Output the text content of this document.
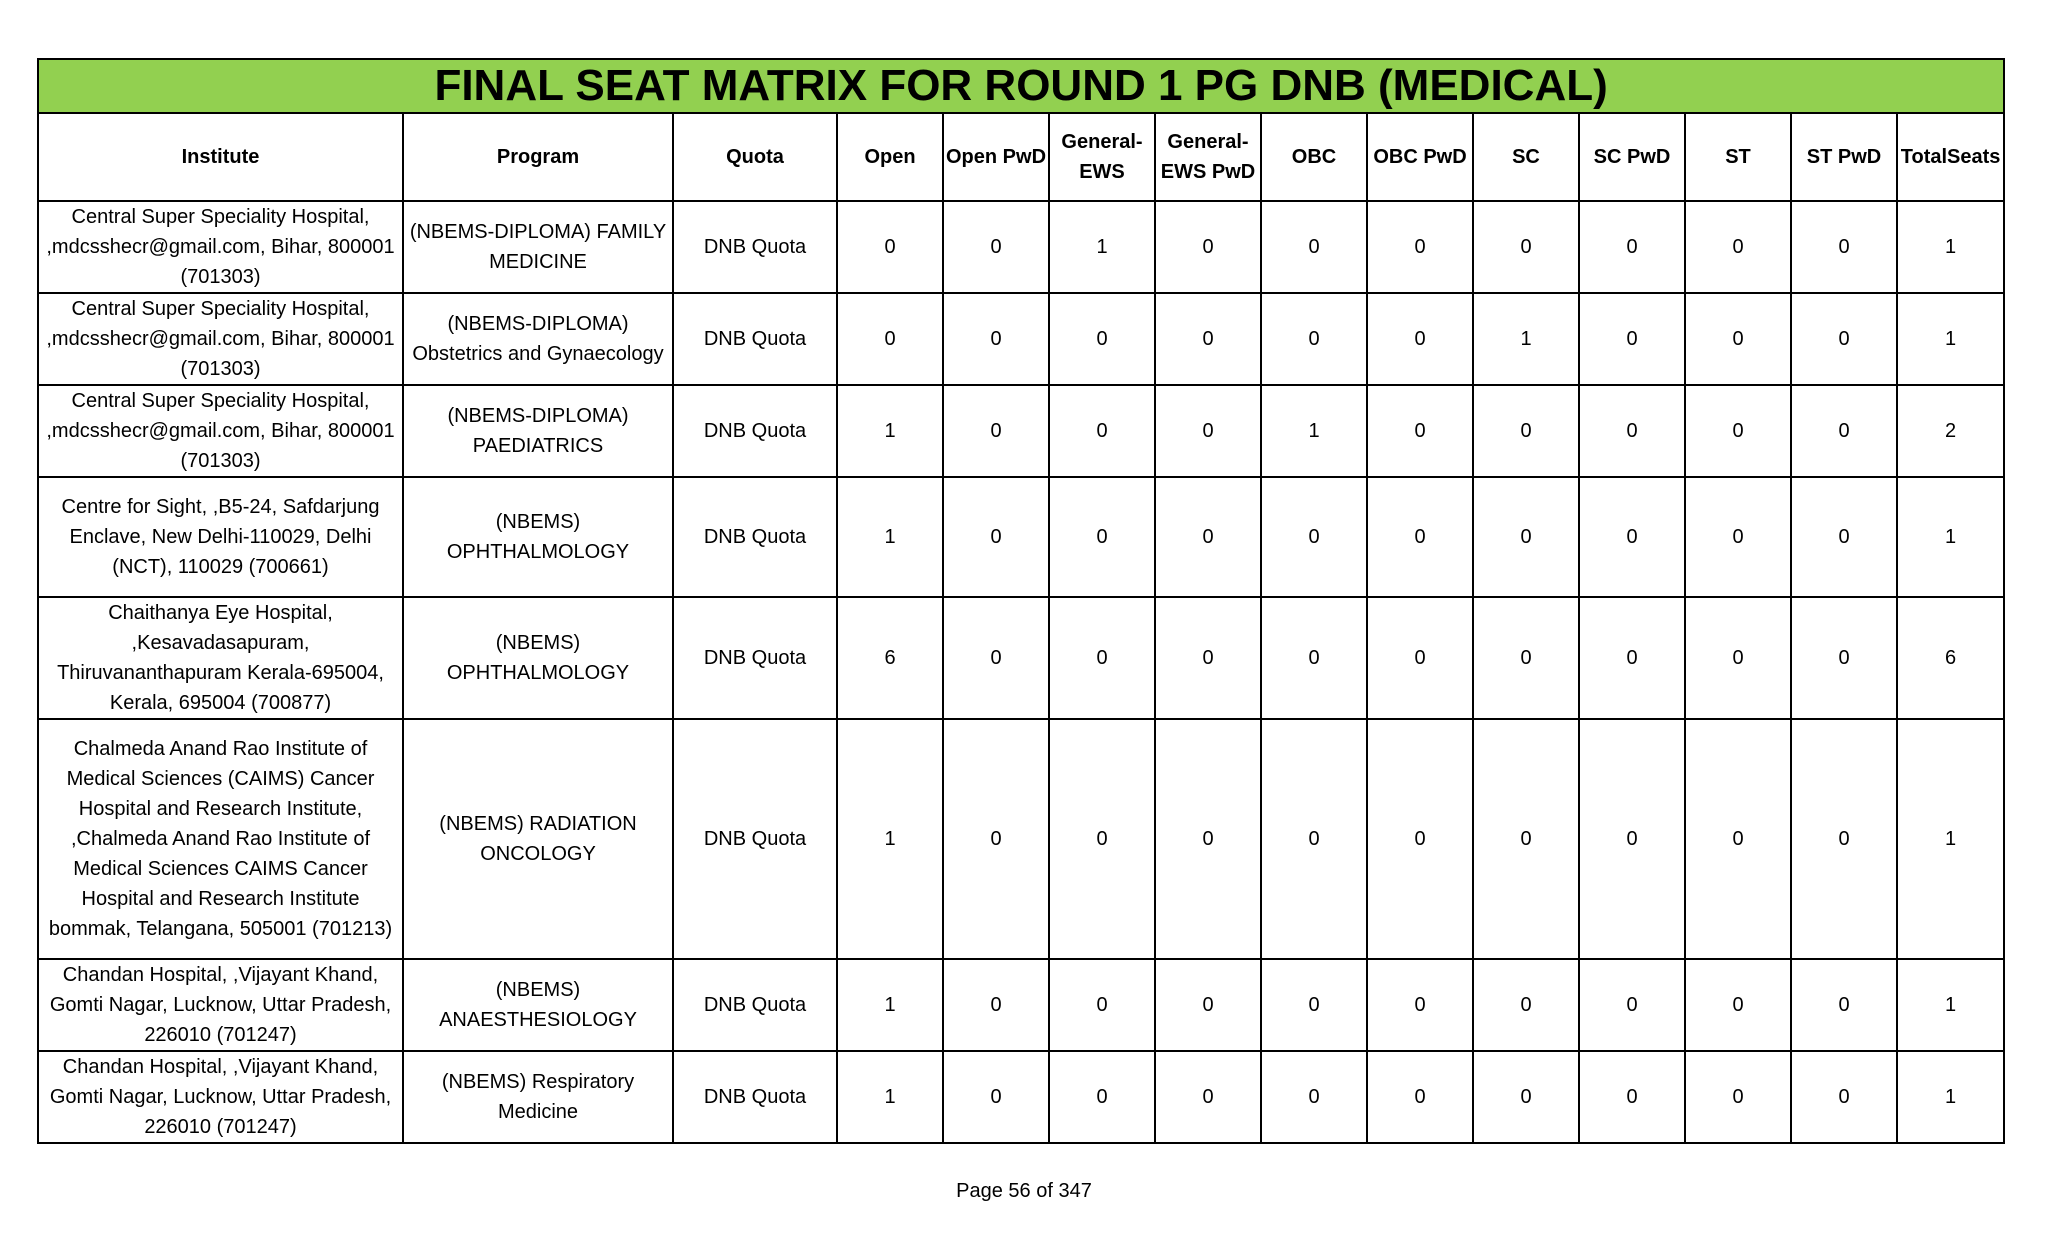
FINAL SEAT MATRIX FOR ROUND 1 PG DNB (MEDICAL)													
Institute	Program	Quota	Open	Open PwD	General-EWS	General-EWS PwD	OBC	OBC PwD	SC	SC PwD	ST	ST PwD	TotalSeats
Central Super Speciality Hospital, ,mdcsshecr@gmail.com, Bihar, 800001 (701303)	(NBEMS-DIPLOMA) FAMILY MEDICINE	DNB Quota	0	0	1	0	0	0	0	0	0	0	1
Central Super Speciality Hospital, ,mdcsshecr@gmail.com, Bihar, 800001 (701303)	(NBEMS-DIPLOMA) Obstetrics and Gynaecology	DNB Quota	0	0	0	0	0	0	1	0	0	0	1
Central Super Speciality Hospital, ,mdcsshecr@gmail.com, Bihar, 800001 (701303)	(NBEMS-DIPLOMA) PAEDIATRICS	DNB Quota	1	0	0	0	1	0	0	0	0	0	2
Centre for Sight, ,B5-24, Safdarjung Enclave, New Delhi-110029, Delhi (NCT), 110029 (700661)	(NBEMS) OPHTHALMOLOGY	DNB Quota	1	0	0	0	0	0	0	0	0	0	1
Chaithanya Eye Hospital, ,Kesavadasapuram, Thiruvananthapuram Kerala-695004, Kerala, 695004 (700877)	(NBEMS) OPHTHALMOLOGY	DNB Quota	6	0	0	0	0	0	0	0	0	0	6
Chalmeda Anand Rao Institute of Medical Sciences (CAIMS) Cancer Hospital and Research Institute, ,Chalmeda Anand Rao Institute of Medical Sciences CAIMS Cancer Hospital and Research Institute bommak, Telangana, 505001 (701213)	(NBEMS) RADIATION ONCOLOGY	DNB Quota	1	0	0	0	0	0	0	0	0	0	1
Chandan Hospital, ,Vijayant Khand, Gomti Nagar, Lucknow, Uttar Pradesh, 226010 (701247)	(NBEMS) ANAESTHESIOLOGY	DNB Quota	1	0	0	0	0	0	0	0	0	0	1
Chandan Hospital, ,Vijayant Khand, Gomti Nagar, Lucknow, Uttar Pradesh, 226010 (701247)	(NBEMS) Respiratory Medicine	DNB Quota	1	0	0	0	0	0	0	0	0	0	1
Page 56 of 347
